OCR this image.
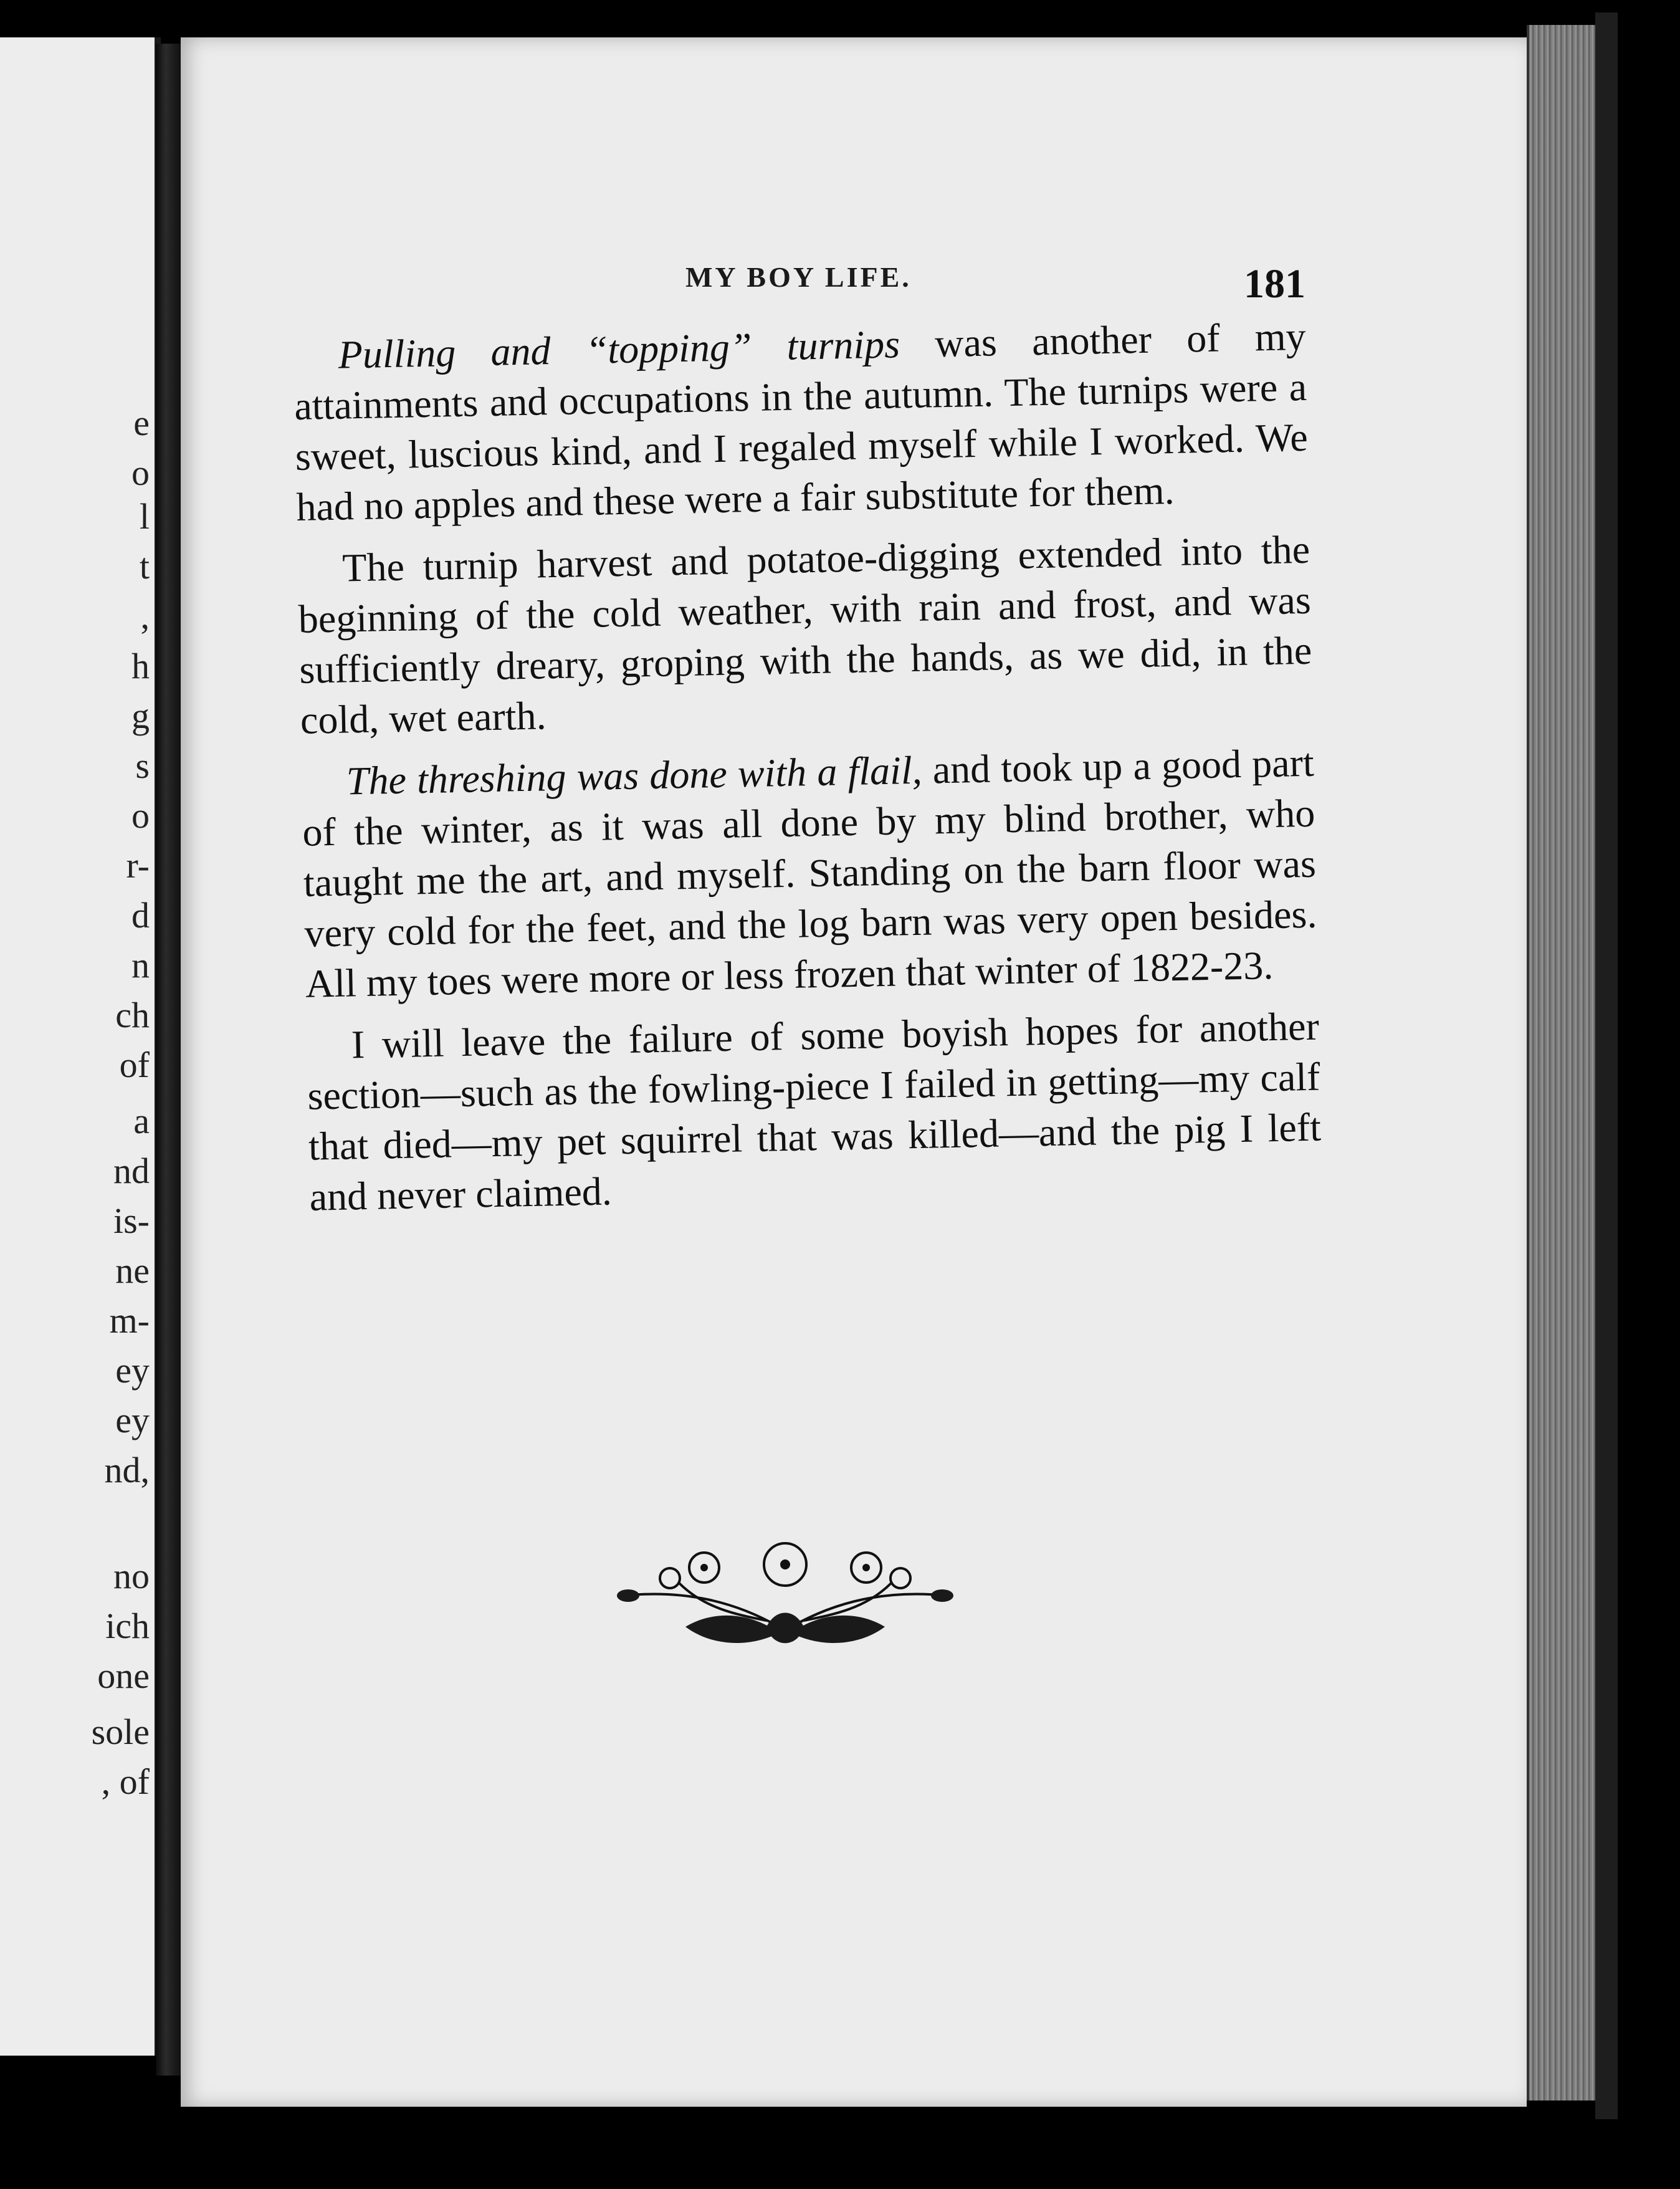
e
o
l
t
,
h
g
s
o
r-
d
n
ch
of
a
nd
is-
ne
m-
ey
ey
nd,
no
ich
one
sole
, of
MY BOY LIFE.	181

Pulling and “topping” turnips was another of my attainments and occupations in the autumn. The turnips were a sweet, luscious kind, and I regaled myself while I worked. We had no apples and these were a fair substitute for them.

The turnip harvest and potatoe-digging extended into the beginning of the cold weather, with rain and frost, and was sufficiently dreary, groping with the hands, as we did, in the cold, wet earth.

The threshing was done with a flail, and took up a good part of the winter, as it was all done by my blind brother, who taught me the art, and myself. Standing on the barn floor was very cold for the feet, and the log barn was very open besides. All my toes were more or less frozen that winter of 1822-23.

I will leave the failure of some boyish hopes for another section—such as the fowling-piece I failed in getting—my calf that died—my pet squirrel that was killed—and the pig I left and never claimed.
